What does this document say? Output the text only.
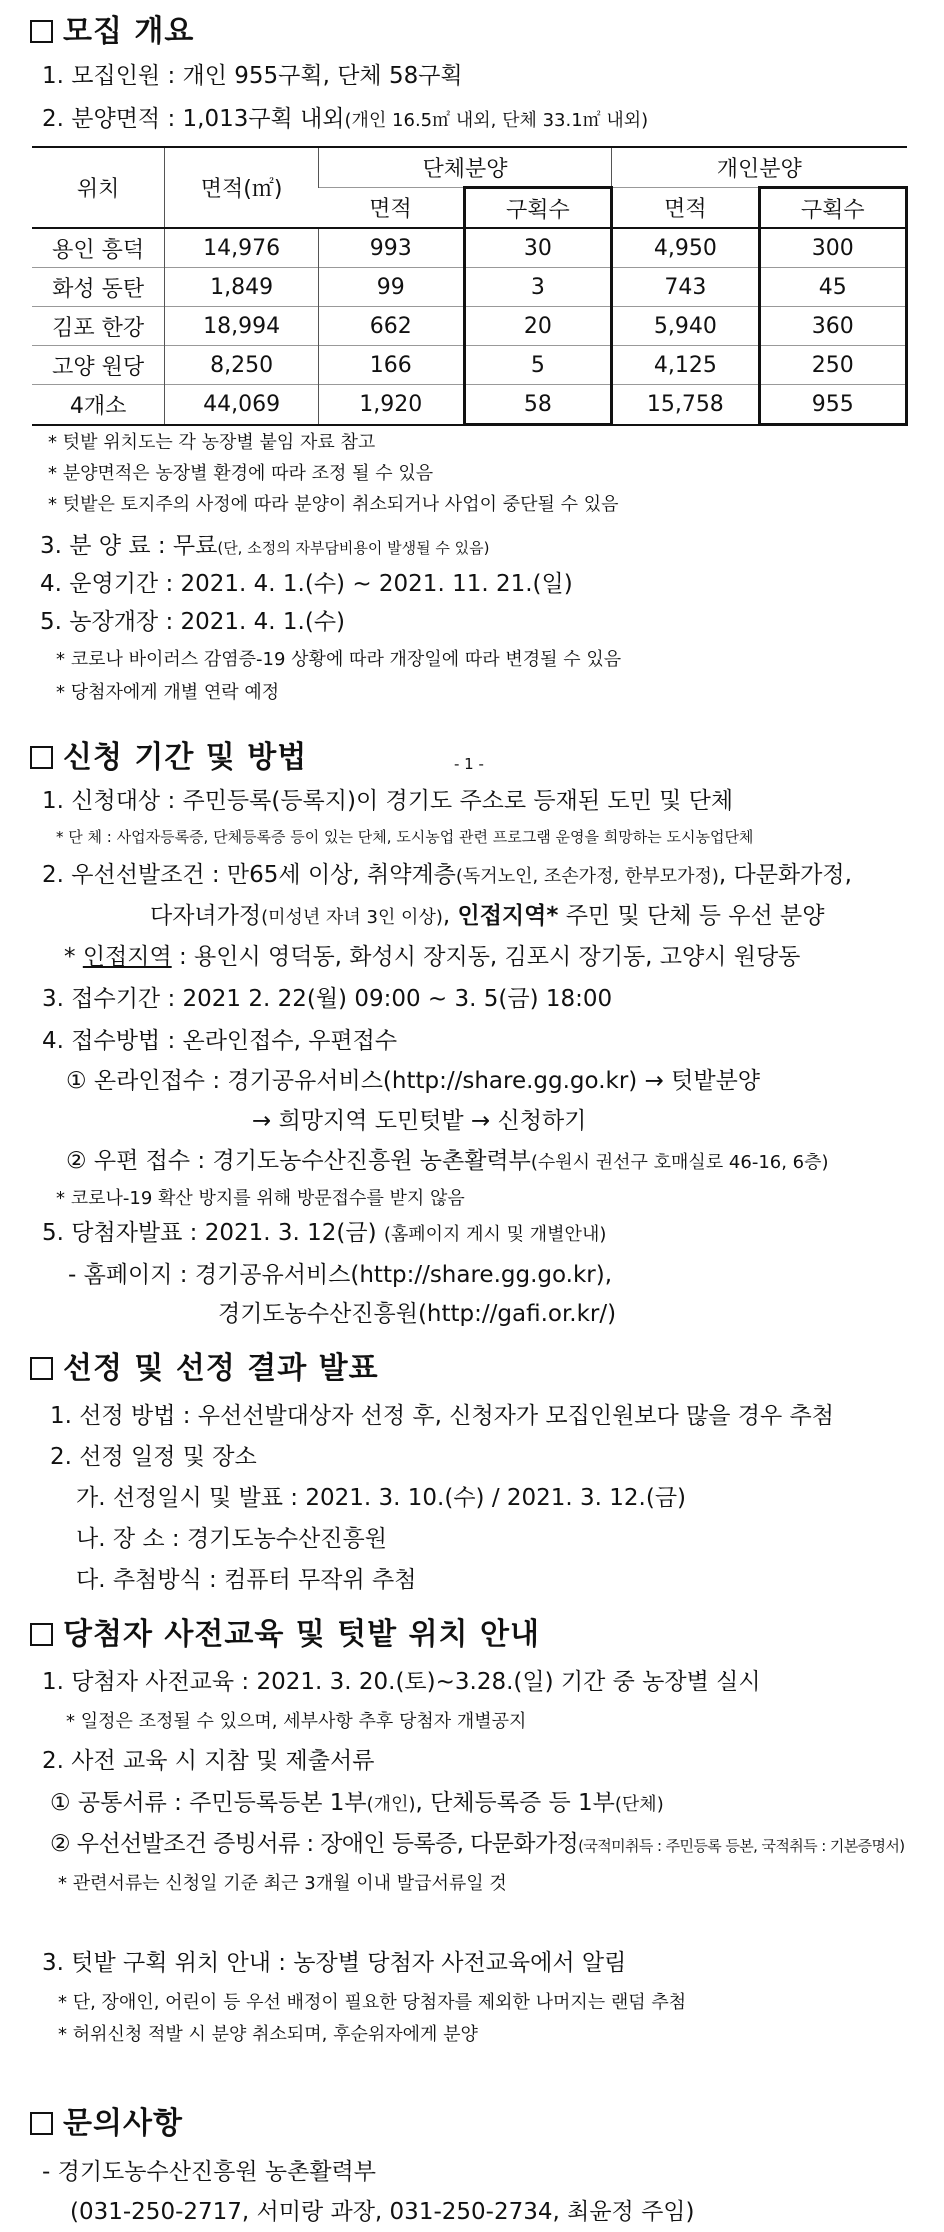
모집 개요
1. 모집인원 : 개인 955구획, 단체 58구획
2. 분양면적 : 1,013구획 내외(개인 16.5㎡ 내외, 단체 33.1㎡ 내외)
위치	면적(㎡)	단체분양		개인분양	
		면적	구획수	면적	구획수
용인 흥덕	14,976	993	30	4,950	300
화성 동탄	1,849	99	3	743	45
김포 한강	18,994	662	20	5,940	360
고양 원당	8,250	166	5	4,125	250
4개소	44,069	1,920	58	15,758	955
* 텃밭 위치도는 각 농장별 붙임 자료 참고
* 분양면적은 농장별 환경에 따라 조정 될 수 있음
* 텃밭은 토지주의 사정에 따라 분양이 취소되거나 사업이 중단될 수 있음
3. 분 양 료 : 무료(단, 소정의 자부담비용이 발생될 수 있음)
4. 운영기간 : 2021. 4. 1.(수) ~ 2021. 11. 21.(일)
5. 농장개장 : 2021. 4. 1.(수)
* 코로나 바이러스 감염증-19 상황에 따라 개장일에 따라 변경될 수 있음
* 당첨자에게 개별 연락 예정
신청 기간 및 방법	- 1 -
1. 신청대상 : 주민등록(등록지)이 경기도 주소로 등재된 도민 및 단체
* 단 체 : 사업자등록증, 단체등록증 등이 있는 단체, 도시농업 관련 프로그램 운영을 희망하는 도시농업단체
2. 우선선발조건 : 만65세 이상, 취약계층(독거노인, 조손가정, 한부모가정), 다문화가정,
다자녀가정(미성년 자녀 3인 이상), 인접지역* 주민 및 단체 등 우선 분양
* 인접지역 : 용인시 영덕동, 화성시 장지동, 김포시 장기동, 고양시 원당동
3. 접수기간 : 2021 2. 22(월) 09:00 ~ 3. 5(금) 18:00
4. 접수방법 : 온라인접수, 우편접수
① 온라인접수 : 경기공유서비스(http://share.gg.go.kr) → 텃밭분양
→ 희망지역 도민텃밭 → 신청하기
② 우편 접수 : 경기도농수산진흥원 농촌활력부(수원시 권선구 호매실로 46-16, 6층)
* 코로나-19 확산 방지를 위해 방문접수를 받지 않음
5. 당첨자발표 : 2021. 3. 12(금) (홈페이지 게시 및 개별안내)
- 홈페이지 : 경기공유서비스(http://share.gg.go.kr),
경기도농수산진흥원(http://gafi.or.kr/)
선정 및 선정 결과 발표
1. 선정 방법 : 우선선발대상자 선정 후, 신청자가 모집인원보다 많을 경우 추첨
2. 선정 일정 및 장소
가. 선정일시 및 발표 : 2021. 3. 10.(수) / 2021. 3. 12.(금)
나. 장 소 : 경기도농수산진흥원
다. 추첨방식 : 컴퓨터 무작위 추첨
당첨자 사전교육 및 텃밭 위치 안내
1. 당첨자 사전교육 : 2021. 3. 20.(토)~3.28.(일) 기간 중 농장별 실시
* 일정은 조정될 수 있으며, 세부사항 추후 당첨자 개별공지
2. 사전 교육 시 지참 및 제출서류
① 공통서류 : 주민등록등본 1부(개인), 단체등록증 등 1부(단체)
② 우선선발조건 증빙서류 : 장애인 등록증, 다문화가정(국적미취득 : 주민등록 등본, 국적취득 : 기본증명서)
* 관련서류는 신청일 기준 최근 3개월 이내 발급서류일 것
3. 텃밭 구획 위치 안내 : 농장별 당첨자 사전교육에서 알림
* 단, 장애인, 어린이 등 우선 배정이 필요한 당첨자를 제외한 나머지는 랜덤 추첨
* 허위신청 적발 시 분양 취소되며, 후순위자에게 분양
문의사항
- 경기도농수산진흥원 농촌활력부
(031-250-2717, 서미랑 과장, 031-250-2734, 최윤정 주임)
